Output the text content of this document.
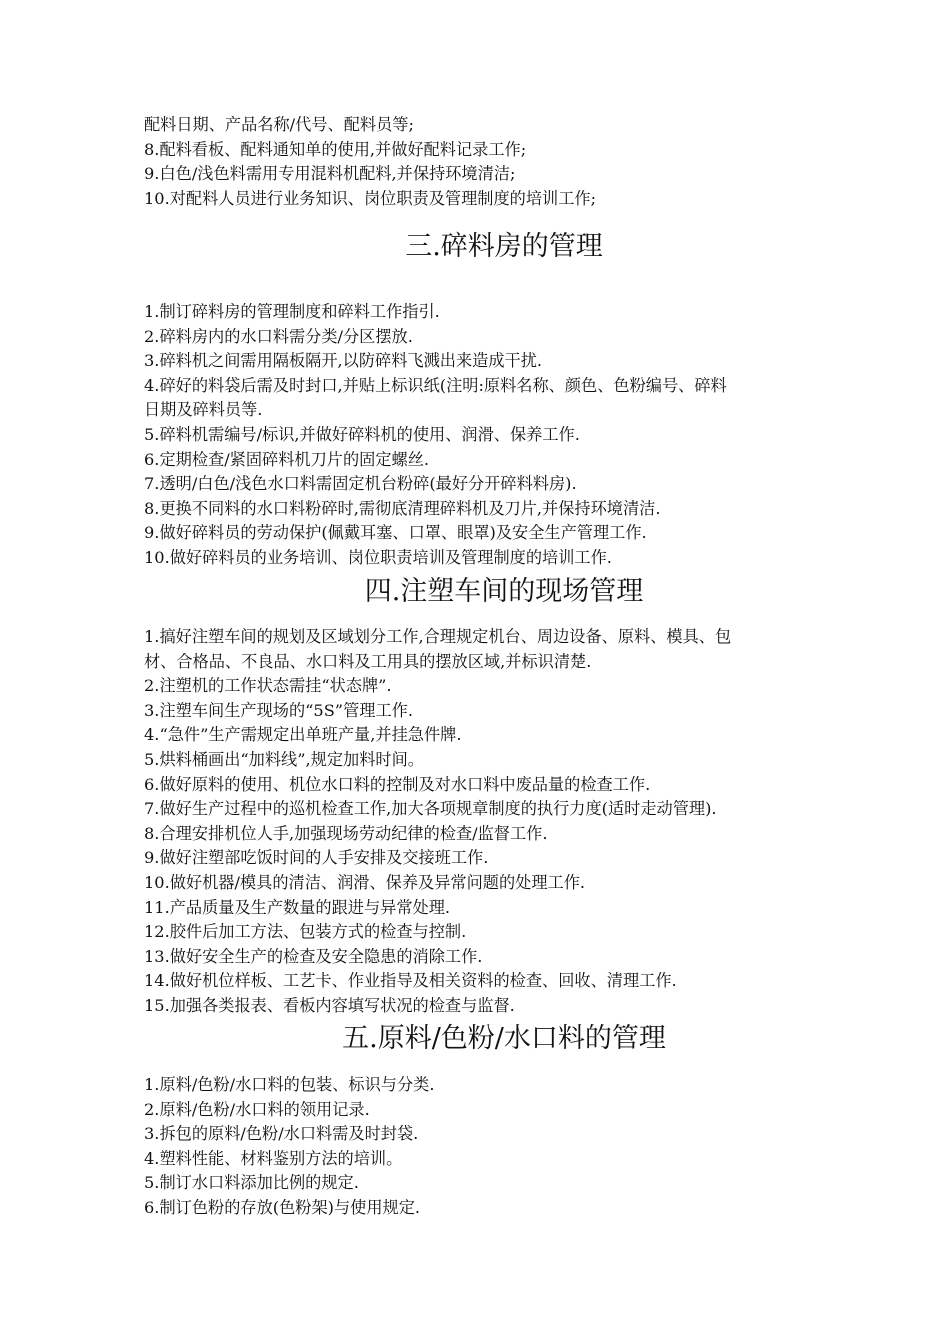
配料日期、产品名称/代号、配料员等;
8.配料看板、配料通知单的使用,并做好配料记录工作;
9.白色/浅色料需用专用混料机配料,并保持环境清洁;
10.对配料人员进行业务知识、岗位职责及管理制度的培训工作;
三.碎料房的管理
1.制订碎料房的管理制度和碎料工作指引.
2.碎料房内的水口料需分类/分区摆放.
3.碎料机之间需用隔板隔开,以防碎料飞溅出来造成干扰.
4.碎好的料袋后需及时封口,并贴上标识纸(注明:原料名称、颜色、色粉编号、碎料
日期及碎料员等.
5.碎料机需编号/标识,并做好碎料机的使用、润滑、保养工作.
6.定期检查/紧固碎料机刀片的固定螺丝.
7.透明/白色/浅色水口料需固定机台粉碎(最好分开碎料料房).
8.更换不同料的水口料粉碎时,需彻底清理碎料机及刀片,并保持环境清洁.
9.做好碎料员的劳动保护(佩戴耳塞、口罩、眼罩)及安全生产管理工作.
10.做好碎料员的业务培训、岗位职责培训及管理制度的培训工作.
四.注塑车间的现场管理
1.搞好注塑车间的规划及区域划分工作,合理规定机台、周边设备、原料、模具、包
材、合格品、不良品、水口料及工用具的摆放区域,并标识清楚.
2.注塑机的工作状态需挂“状态牌”.
3.注塑车间生产现场的“5S”管理工作.
4.“急件”生产需规定出单班产量,并挂急件牌.
5.烘料桶画出“加料线”,规定加料时间。
6.做好原料的使用、机位水口料的控制及对水口料中废品量的检查工作.
7.做好生产过程中的巡机检查工作,加大各项规章制度的执行力度(适时走动管理).
8.合理安排机位人手,加强现场劳动纪律的检查/监督工作.
9.做好注塑部吃饭时间的人手安排及交接班工作.
10.做好机器/模具的清洁、润滑、保养及异常问题的处理工作.
11.产品质量及生产数量的跟进与异常处理.
12.胶件后加工方法、包装方式的检查与控制.
13.做好安全生产的检查及安全隐患的消除工作.
14.做好机位样板、工艺卡、作业指导及相关资料的检查、回收、清理工作.
15.加强各类报表、看板内容填写状况的检查与监督.
五.原料/色粉/水口料的管理
1.原料/色粉/水口料的包装、标识与分类.
2.原料/色粉/水口料的领用记录.
3.拆包的原料/色粉/水口料需及时封袋.
4.塑料性能、材料鉴别方法的培训。
5.制订水口料添加比例的规定.
6.制订色粉的存放(色粉架)与使用规定.
